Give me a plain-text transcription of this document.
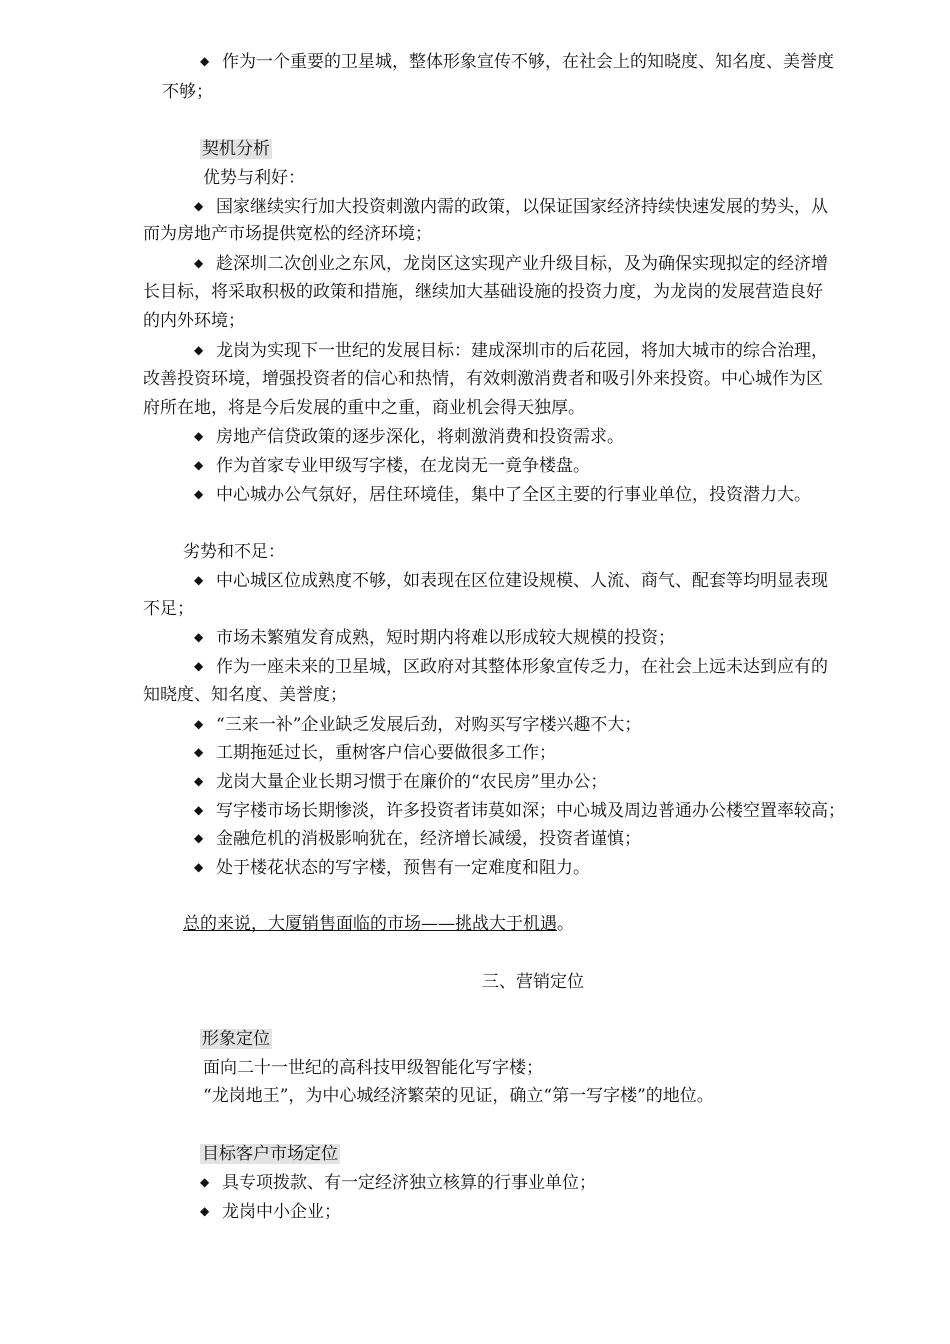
◆ 作为一个重要的卫星城，整体形象宣传不够，在社会上的知晓度、知名度、美誉度
不够；
契机分析
优势与利好：
◆ 国家继续实行加大投资刺激内需的政策，以保证国家经济持续快速发展的势头，从
而为房地产市场提供宽松的经济环境；
◆ 趁深圳二次创业之东风，龙岗区这实现产业升级目标，及为确保实现拟定的经济增
长目标，将采取积极的政策和措施，继续加大基础设施的投资力度，为龙岗的发展营造良好
的内外环境；
◆ 龙岗为实现下一世纪的发展目标：建成深圳市的后花园，将加大城市的综合治理，
改善投资环境，增强投资者的信心和热情，有效刺激消费者和吸引外来投资。中心城作为区
府所在地，将是今后发展的重中之重，商业机会得天独厚。
◆ 房地产信贷政策的逐步深化，将刺激消费和投资需求。
◆ 作为首家专业甲级写字楼，在龙岗无一竟争楼盘。
◆ 中心城办公气氛好，居住环境佳，集中了全区主要的行事业单位，投资潜力大。
劣势和不足：
◆ 中心城区位成熟度不够，如表现在区位建设规模、人流、商气、配套等均明显表现
不足；
◆ 市场未繁殖发育成熟，短时期内将难以形成较大规模的投资；
◆ 作为一座未来的卫星城，区政府对其整体形象宣传乏力，在社会上远未达到应有的
知晓度、知名度、美誉度；
◆ “三来一补”企业缺乏发展后劲，对购买写字楼兴趣不大；
◆ 工期拖延过长，重树客户信心要做很多工作；
◆ 龙岗大量企业长期习惯于在廉价的“农民房”里办公；
◆ 写字楼市场长期惨淡，许多投资者讳莫如深；中心城及周边普通办公楼空置率较高；
◆ 金融危机的消极影响犹在，经济增长减缓，投资者谨慎；
◆ 处于楼花状态的写字楼，预售有一定难度和阻力。
总的来说，大厦销售面临的市场——挑战大于机遇。
三、营销定位
形象定位
面向二十一世纪的高科技甲级智能化写字楼；
“龙岗地王”，为中心城经济繁荣的见证，确立“第一写字楼”的地位。
目标客户市场定位
◆ 具专项拨款、有一定经济独立核算的行事业单位；
◆ 龙岗中小企业；
